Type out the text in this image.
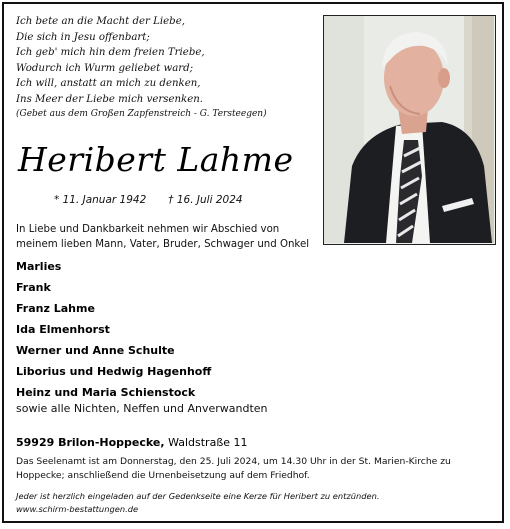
Ich bete an die Macht der Liebe,
Die sich in Jesu offenbart;
Ich geb' mich hin dem freien Triebe,
Wodurch ich Wurm geliebet ward;
Ich will, anstatt an mich zu denken,
Ins Meer der Liebe mich versenken.
(Gebet aus dem Großen Zapfenstreich - G. Tersteegen)
Heribert Lahme
* 11. Januar 1942 † 16. Juli 2024
In Liebe und Dankbarkeit nehmen wir Abschied von
meinem lieben Mann, Vater, Bruder, Schwager und Onkel
Marlies
Frank
Franz Lahme
Ida Elmenhorst
Werner und Anne Schulte
Liborius und Hedwig Hagenhoff
Heinz und Maria Schienstock
sowie alle Nichten, Neffen und Anverwandten
59929 Brilon-Hoppecke, Waldstraße 11
Das Seelenamt ist am Donnerstag, den 25. Juli 2024, um 14.30 Uhr in der St. Marien-Kirche zu
Hoppecke; anschließend die Urnenbeisetzung auf dem Friedhof.
Jeder ist herzlich eingeladen auf der Gedenkseite eine Kerze für Heribert zu entzünden.
www.schirm-bestattungen.de
